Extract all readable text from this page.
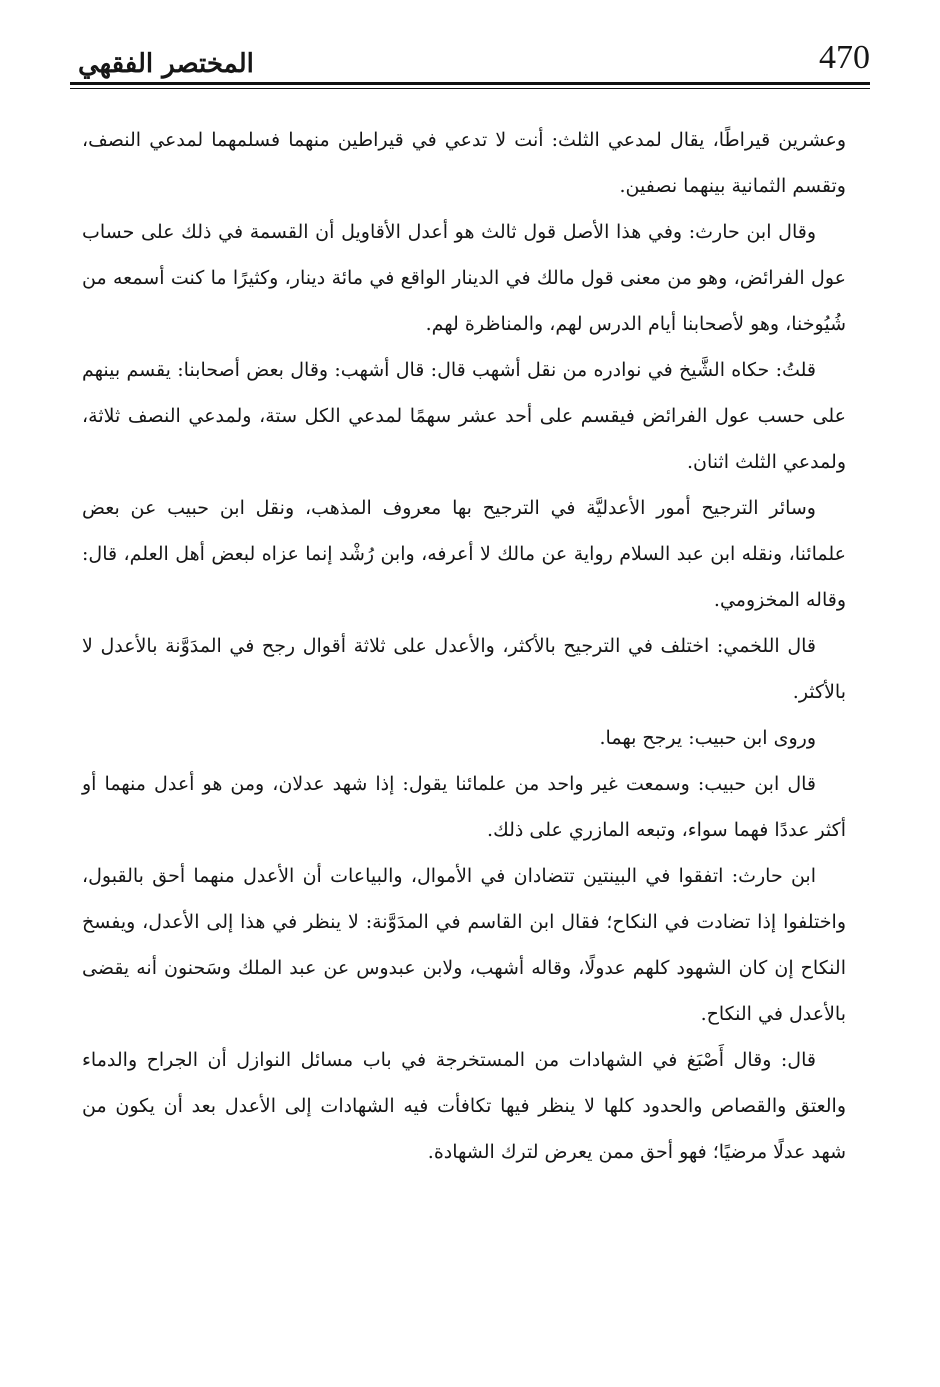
المختصر الفقهي	470

وعشرين قيراطًا، يقال لمدعي الثلث: أنت لا تدعي في قيراطين منهما فسلمهما لمدعي النصف، وتقسم الثمانية بينهما نصفين.

وقال ابن حارث: وفي هذا الأصل قول ثالث هو أعدل الأقاويل أن القسمة في ذلك على حساب عول الفرائض، وهو من معنى قول مالك في الدينار الواقع في مائة دينار، وكثيرًا ما كنت أسمعه من شُيُوخنا، وهو لأصحابنا أيام الدرس لهم، والمناظرة لهم.

قلتُ: حكاه الشَّيخ في نوادره من نقل أشهب قال: قال أشهب: وقال بعض أصحابنا: يقسم بينهم على حسب عول الفرائض فيقسم على أحد عشر سهمًا لمدعي الكل ستة، ولمدعي النصف ثلاثة، ولمدعي الثلث اثنان.

وسائر الترجيح أمور الأعدليَّة في الترجيح بها معروف المذهب، ونقل ابن حبيب عن بعض علمائنا، ونقله ابن عبد السلام رواية عن مالك لا أعرفه، وابن رُشْد إنما عزاه لبعض أهل العلم، قال: وقاله المخزومي.

قال اللخمي: اختلف في الترجيح بالأكثر، والأعدل على ثلاثة أقوال رجح في المدَوَّنة بالأعدل لا بالأكثر.

وروى ابن حبيب: يرجح بهما.

قال ابن حبيب: وسمعت غير واحد من علمائنا يقول: إذا شهد عدلان، ومن هو أعدل منهما أو أكثر عددًا فهما سواء، وتبعه المازري على ذلك.

ابن حارث: اتفقوا في البينتين تتضادان في الأموال، والبياعات أن الأعدل منهما أحق بالقبول، واختلفوا إذا تضادت في النكاح؛ فقال ابن القاسم في المدَوَّنة: لا ينظر في هذا إلى الأعدل، ويفسخ النكاح إن كان الشهود كلهم عدولًا، وقاله أشهب، ولابن عبدوس عن عبد الملك وسَحنون أنه يقضى بالأعدل في النكاح.

قال: وقال أَصْبَغ في الشهادات من المستخرجة في باب مسائل النوازل أن الجراح والدماء والعتق والقصاص والحدود كلها لا ينظر فيها تكافأت فيه الشهادات إلى الأعدل بعد أن يكون من شهد عدلًا مرضيًا؛ فهو أحق ممن يعرض لترك الشهادة.
